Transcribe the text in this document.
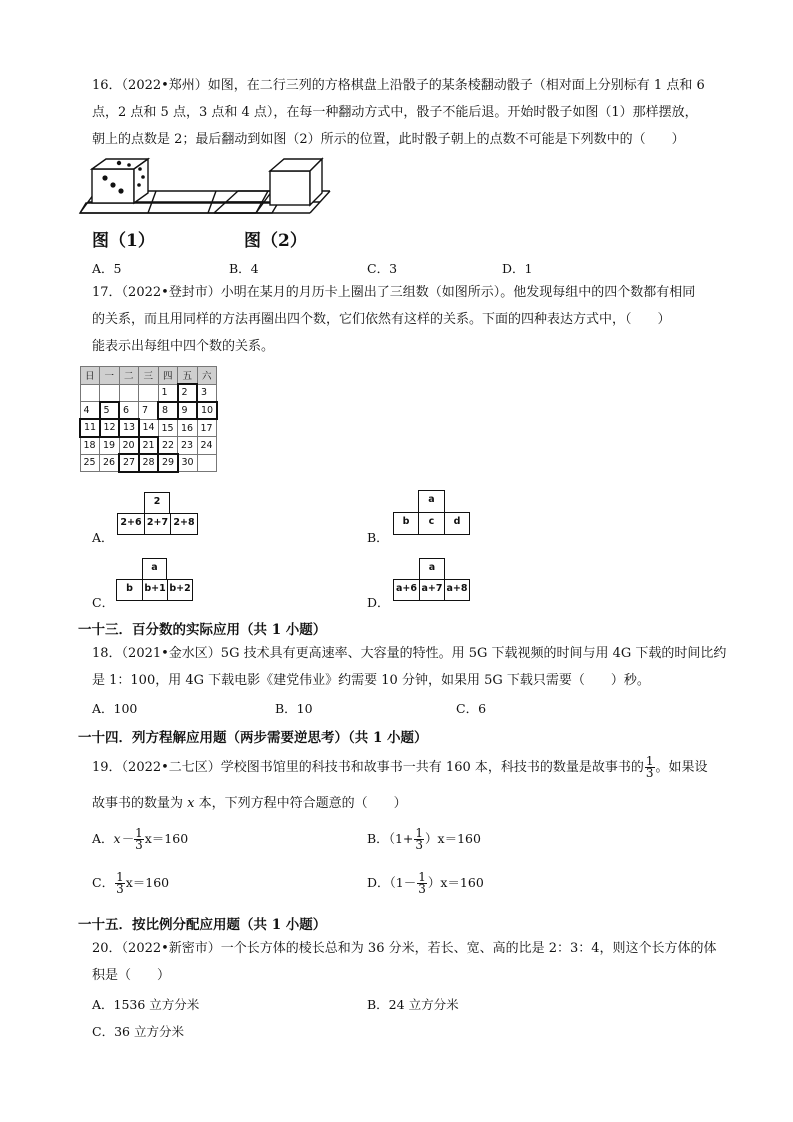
16．（2022•郑州）如图，在二行三列的方格棋盘上沿骰子的某条棱翻动骰子（相对面上分别标有 1 点和 6
点，2 点和 5 点，3 点和 4 点），在每一种翻动方式中，骰子不能后退。开始时骰子如图（1）那样摆放，
图（1）	图（2）
A．5	B．4	C．3	D．1
17．（2022•登封市）小明在某月的月历卡上圈出了三组数（如图所示）。他发现每组中的四个数都有相同
的关系，而且用同样的方法再圈出四个数，它们依然有这样的关系。下面的四种表达方式中，（　　）
能表示出每组中四个数的关系。
日	一	二	三	四	五	六
				1	2	3
4	5	6	7	8	9	10
11	12	13	14	15	16	17
18	19	20	21	22	23	24
25	26	27	28	29	30	
A．
2
2+6 2+7 2+8
B．
a
b	c	d
C．
a
b	b+1 b+2
D．
a
a+6 a+7 a+8
一十三．百分数的实际应用（共 1 小题）
18．（2021•金水区）5G 技术具有更高速率、大容量的特性。用 5G 下载视频的时间与用 4G 下载的时间比约
是 1：100，用 4G 下载电影《建党伟业》约需要 10 分钟，如果用 5G 下载只需要（　　）秒。
A．100	B．10	C．6
一十四．列方程解应用题（两步需要逆思考）（共 1 小题）
19．（2022•二七区）学校图书馆里的科技书和故事书一共有 160 本，科技书的数量是故事书的 $\frac{1}{3}$ 。如果设
故事书的数量为 x 本，下列方程中符合题意的（　　）
A．$x- \frac{1}{3} x=160$	B．$(1+ \frac{1}{3} )x=160$
C． $\frac{1}{3} x=160$	D．$(1- \frac{1}{3} )x=160$
一十五．按比例分配应用题（共 1 小题）
20．（2022•新密市）一个长方体的棱长总和为 36 分米，若长、宽、高的比是 2：3：4，则这个长方体的体
积是（　　）
A．1536 立方分米	B．24 立方分米
C．36 立方分米
朝上的点数是 2；最后翻动到如图（2）所示的位置，此时骰子朝上的点数不可能是下列数中的（　　）
